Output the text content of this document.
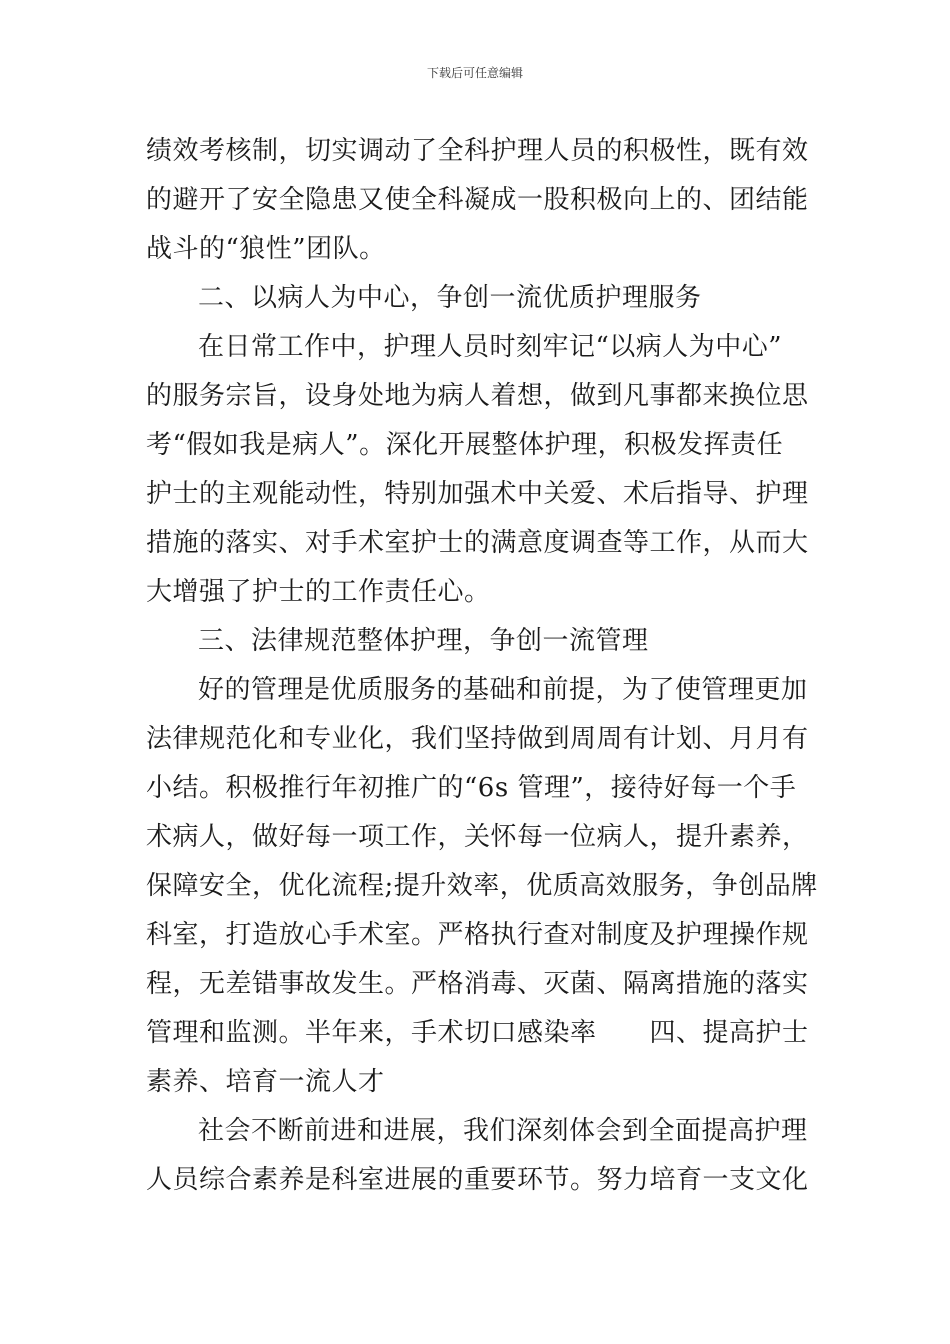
下载后可任意编辑
绩效考核制，切实调动了全科护理人员的积极性，既有效
的避开了安全隐患又使全科凝成一股积极向上的、团结能
战斗的“狼性”团队。
二、以病人为中心，争创一流优质护理服务
在日常工作中，护理人员时刻牢记“以病人为中心”
的服务宗旨，设身处地为病人着想，做到凡事都来换位思
考“假如我是病人”。深化开展整体护理，积极发挥责任
护士的主观能动性，特别加强术中关爱、术后指导、护理
措施的落实、对手术室护士的满意度调查等工作，从而大
大增强了护士的工作责任心。
三、法律规范整体护理，争创一流管理
好的管理是优质服务的基础和前提，为了使管理更加
法律规范化和专业化，我们坚持做到周周有计划、月月有
小结。积极推行年初推广的“6s 管理”，接待好每一个手
术病人，做好每一项工作，关怀每一位病人，提升素养，
保障安全，优化流程;提升效率，优质高效服务，争创品牌
科室，打造放心手术室。严格执行查对制度及护理操作规
程，无差错事故发生。严格消毒、灭菌、隔离措施的落实
管理和监测。半年来，手术切口感染率　　四、提高护士
素养、培育一流人才
社会不断前进和进展，我们深刻体会到全面提高护理
人员综合素养是科室进展的重要环节。努力培育一支文化
